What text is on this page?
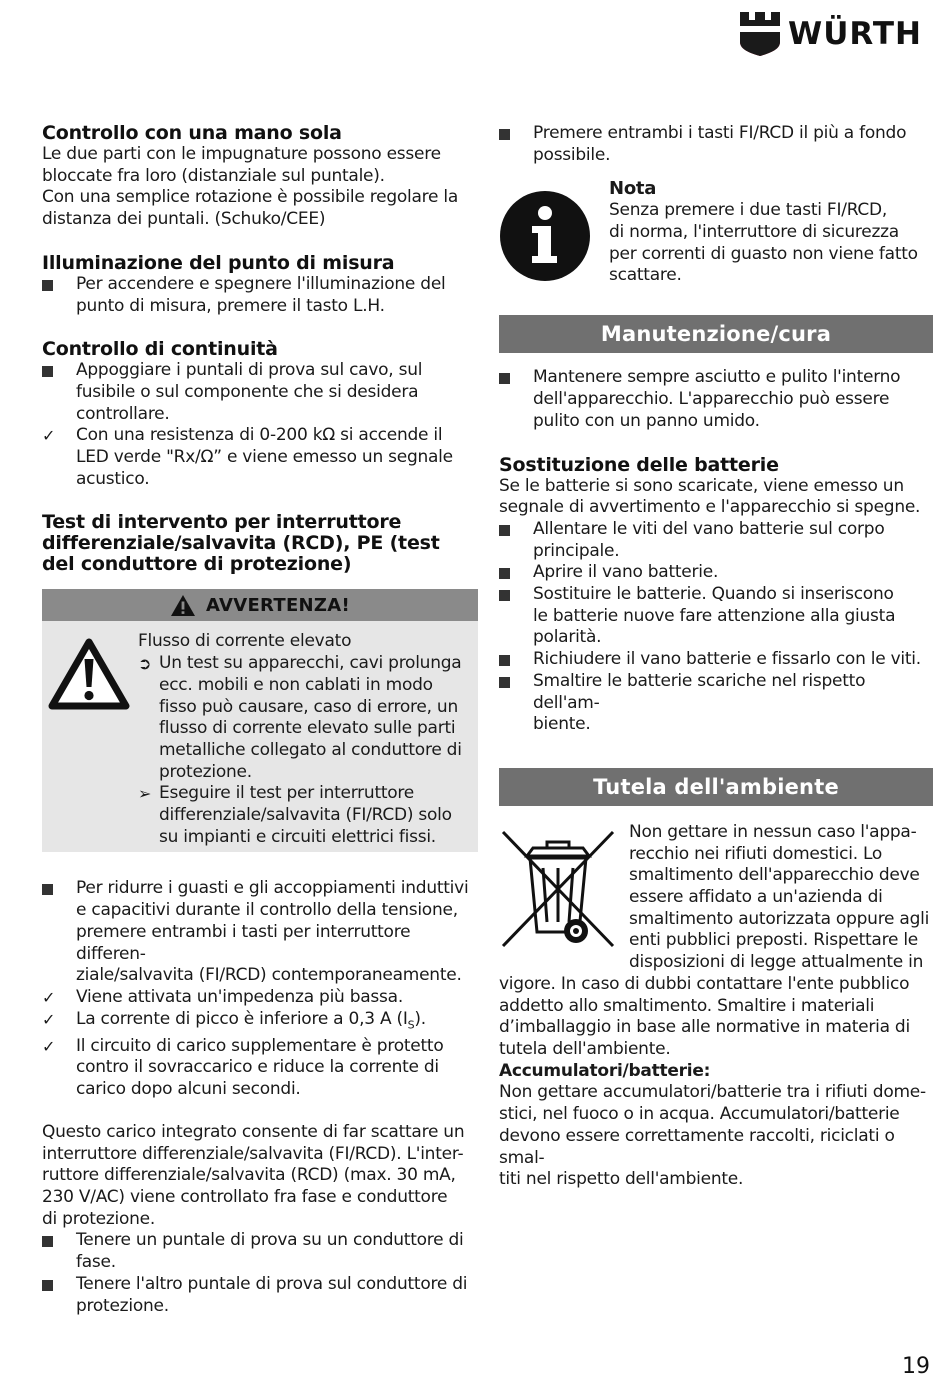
WÜRTH
Controllo con una mano sola
Le due parti con le impugnature possono essere
bloccate fra loro (distanziale sul puntale).
Con una semplice rotazione è possibile regolare la
distanza dei puntali. (Schuko/CEE)
Illuminazione del punto di misura
Per accendere e spegnere l'illuminazione del
punto di misura, premere il tasto L.H.
Controllo di continuità
Appoggiare i puntali di prova sul cavo, sul
fusibile o sul componente che si desidera
controllare.
✓ Con una resistenza di 0-200 kΩ si accende il
LED verde "Rx/Ω” e viene emesso un segnale
acustico.
Test di intervento per interruttore
differenziale/salvavita (RCD), PE (test
del conduttore di protezione)
AVVERTENZA!
Flusso di corrente elevato
➲ Un test su apparecchi, cavi prolunga
ecc. mobili e non cablati in modo
fisso può causare, caso di errore, un
flusso di corrente elevato sulle parti
metalliche collegato al conduttore di
protezione.
➢ Eseguire il test per interruttore
differenziale/salvavita (FI/RCD) solo
su impianti e circuiti elettrici fissi.
Per ridurre i guasti e gli accoppiamenti induttivi
e capacitivi durante il controllo della tensione,
premere entrambi i tasti per interruttore differen-
ziale/salvavita (FI/RCD) contemporaneamente.
✓ Viene attivata un'impedenza più bassa.
✓ La corrente di picco è inferiore a 0,3 A $(I_S)$.
✓ Il circuito di carico supplementare è protetto
contro il sovraccarico e riduce la corrente di
carico dopo alcuni secondi.
Questo carico integrato consente di far scattare un
interruttore differenziale/salvavita (FI/RCD). L'inter-
ruttore differenziale/salvavita (RCD) (max. 30 mA,
230 V/AC) viene controllato fra fase e conduttore
di protezione.
Tenere un puntale di prova su un conduttore di
fase.
Tenere l'altro puntale di prova sul conduttore di
protezione.
Premere entrambi i tasti FI/RCD il più a fondo
possibile.
Nota
Senza premere i due tasti FI/RCD,
di norma, l'interruttore di sicurezza
per correnti di guasto non viene fatto
scattare.
Manutenzione/cura
Mantenere sempre asciutto e pulito l'interno
dell'apparecchio. L'apparecchio può essere
pulito con un panno umido.
Sostituzione delle batterie
Se le batterie si sono scaricate, viene emesso un
segnale di avvertimento e l'apparecchio si spegne.
Allentare le viti del vano batterie sul corpo
principale.
Aprire il vano batterie.
Sostituire le batterie. Quando si inseriscono
le batterie nuove fare attenzione alla giusta
polarità.
Richiudere il vano batterie e fissarlo con le viti.
Smaltire le batterie scariche nel rispetto dell'am-
biente.
Tutela dell'ambiente
Non gettare in nessun caso l'appa-
recchio nei rifiuti domestici. Lo
smaltimento dell'apparecchio deve
essere affidato a un'azienda di
smaltimento autorizzata oppure agli
enti pubblici preposti. Rispettare le
disposizioni di legge attualmente in
vigore. In caso di dubbi contattare l'ente pubblico
addetto allo smaltimento. Smaltire i materiali
d’imballaggio in base alle normative in materia di
tutela dell'ambiente.
Accumulatori/batterie:
Non gettare accumulatori/batterie tra i rifiuti dome-
stici, nel fuoco o in acqua. Accumulatori/batterie
devono essere correttamente raccolti, riciclati o smal-
titi nel rispetto dell'ambiente.
19
